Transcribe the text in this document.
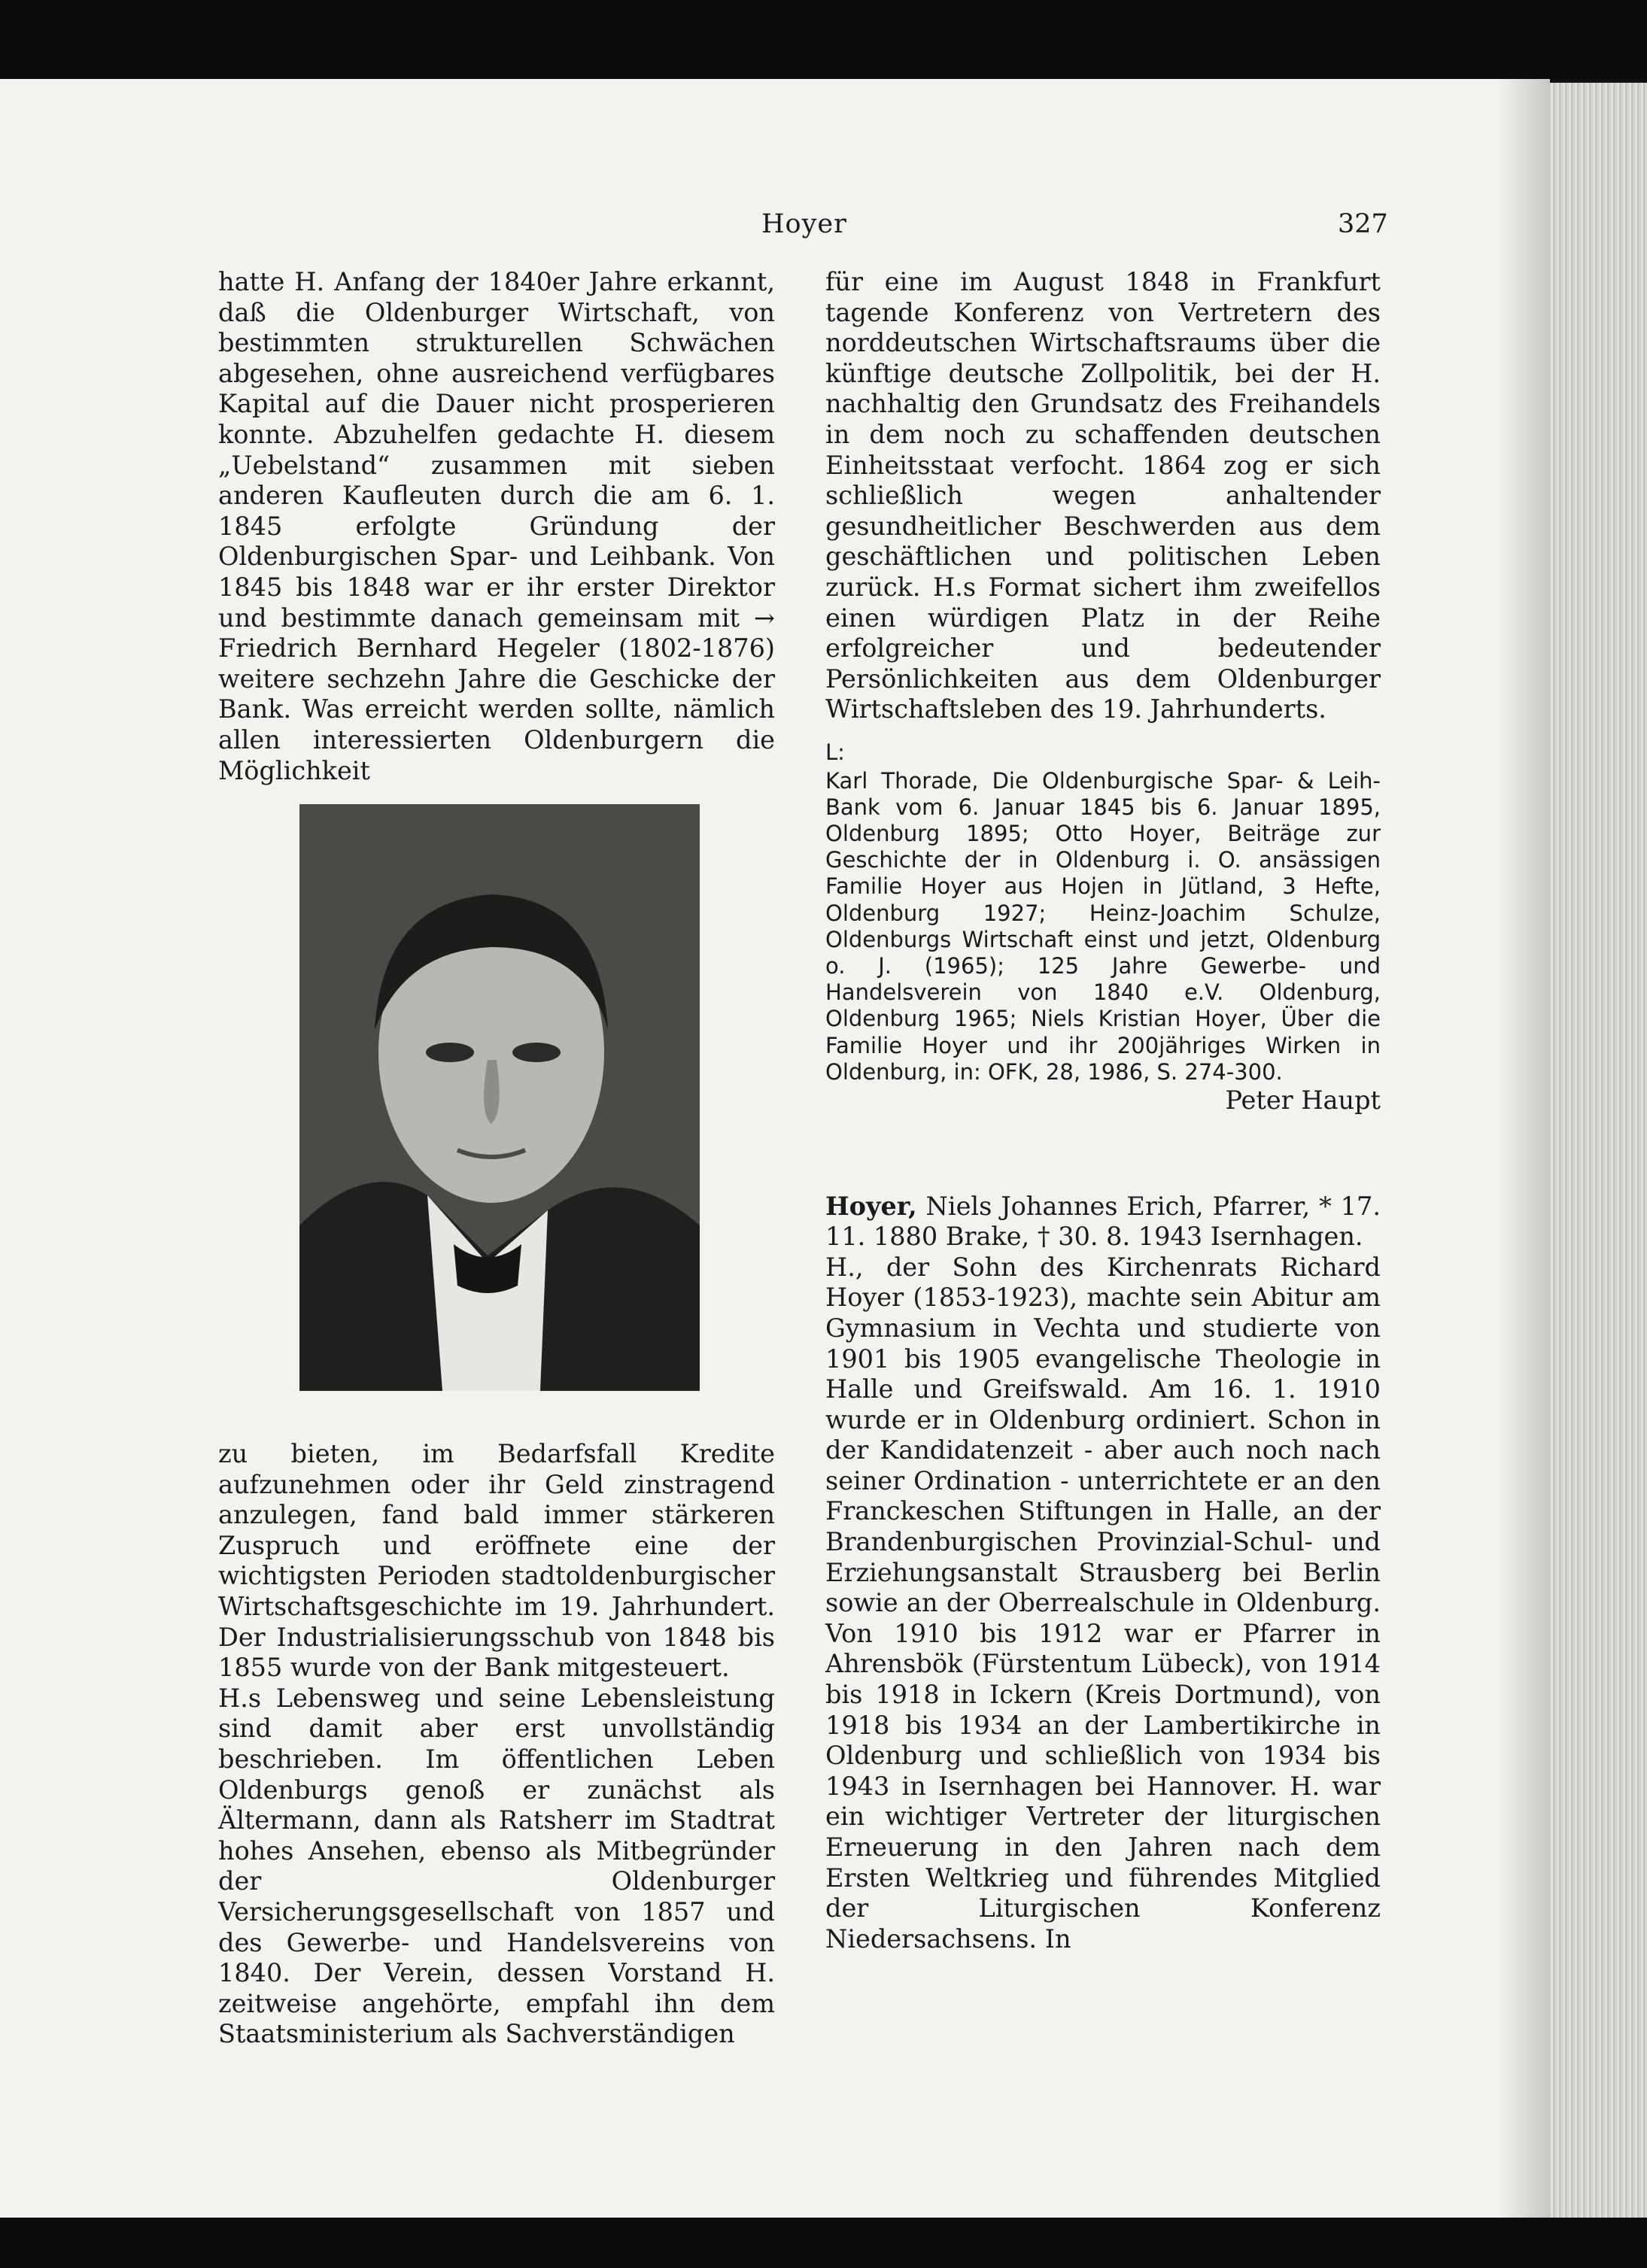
Hoyer	327

hatte H. Anfang der 1840er Jahre erkannt, daß die Oldenburger Wirtschaft, von bestimmten strukturellen Schwächen abgesehen, ohne ausreichend verfügbares Kapital auf die Dauer nicht prosperieren konnte. Abzuhelfen gedachte H. diesem „Uebelstand“ zusammen mit sieben anderen Kaufleuten durch die am 6. 1. 1845 erfolgte Gründung der Oldenburgischen Spar- und Leihbank. Von 1845 bis 1848 war er ihr erster Direktor und bestimmte danach gemeinsam mit → Friedrich Bernhard Hegeler (1802-1876) weitere sechzehn Jahre die Geschicke der Bank. Was erreicht werden sollte, nämlich allen interessierten Oldenburgern die Möglichkeit

zu bieten, im Bedarfsfall Kredite aufzunehmen oder ihr Geld zinstragend anzulegen, fand bald immer stärkeren Zuspruch und eröffnete eine der wichtigsten Perioden stadtoldenburgischer Wirtschaftsgeschichte im 19. Jahrhundert. Der Industrialisierungsschub von 1848 bis 1855 wurde von der Bank mitgesteuert.

H.s Lebensweg und seine Lebensleistung sind damit aber erst unvollständig beschrieben. Im öffentlichen Leben Oldenburgs genoß er zunächst als Ältermann, dann als Ratsherr im Stadtrat hohes Ansehen, ebenso als Mitbegründer der Oldenburger Versicherungsgesellschaft von 1857 und des Gewerbe- und Handelsvereins von 1840. Der Verein, dessen Vorstand H. zeitweise angehörte, empfahl ihn dem Staatsministerium als Sachverständigen

für eine im August 1848 in Frankfurt tagende Konferenz von Vertretern des norddeutschen Wirtschaftsraums über die künftige deutsche Zollpolitik, bei der H. nachhaltig den Grundsatz des Freihandels in dem noch zu schaffenden deutschen Einheitsstaat verfocht. 1864 zog er sich schließlich wegen anhaltender gesundheitlicher Beschwerden aus dem geschäftlichen und politischen Leben zurück. H.s Format sichert ihm zweifellos einen würdigen Platz in der Reihe erfolgreicher und bedeutender Persönlichkeiten aus dem Oldenburger Wirtschaftsleben des 19. Jahrhunderts.

L:

Karl Thorade, Die Oldenburgische Spar- & Leih-Bank vom 6. Januar 1845 bis 6. Januar 1895, Oldenburg 1895; Otto Hoyer, Beiträge zur Geschichte der in Oldenburg i. O. ansässigen Familie Hoyer aus Hojen in Jütland, 3 Hefte, Oldenburg 1927; Heinz-Joachim Schulze, Oldenburgs Wirtschaft einst und jetzt, Oldenburg o. J. (1965); 125 Jahre Gewerbe- und Handelsverein von 1840 e.V. Oldenburg, Oldenburg 1965; Niels Kristian Hoyer, Über die Familie Hoyer und ihr 200jähriges Wirken in Oldenburg, in: OFK, 28, 1986, S. 274-300.

Peter Haupt

Hoyer, Niels Johannes Erich, Pfarrer, * 17. 11. 1880 Brake, † 30. 8. 1943 Isernhagen.

H., der Sohn des Kirchenrats Richard Hoyer (1853-1923), machte sein Abitur am Gymnasium in Vechta und studierte von 1901 bis 1905 evangelische Theologie in Halle und Greifswald. Am 16. 1. 1910 wurde er in Oldenburg ordiniert. Schon in der Kandidatenzeit - aber auch noch nach seiner Ordination - unterrichtete er an den Franckeschen Stiftungen in Halle, an der Brandenburgischen Provinzial-Schul- und Erziehungsanstalt Strausberg bei Berlin sowie an der Oberrealschule in Oldenburg. Von 1910 bis 1912 war er Pfarrer in Ahrensbök (Fürstentum Lübeck), von 1914 bis 1918 in Ickern (Kreis Dortmund), von 1918 bis 1934 an der Lambertikirche in Oldenburg und schließlich von 1934 bis 1943 in Isernhagen bei Hannover. H. war ein wichtiger Vertreter der liturgischen Erneuerung in den Jahren nach dem Ersten Weltkrieg und führendes Mitglied der Liturgischen Konferenz Niedersachsens. In
